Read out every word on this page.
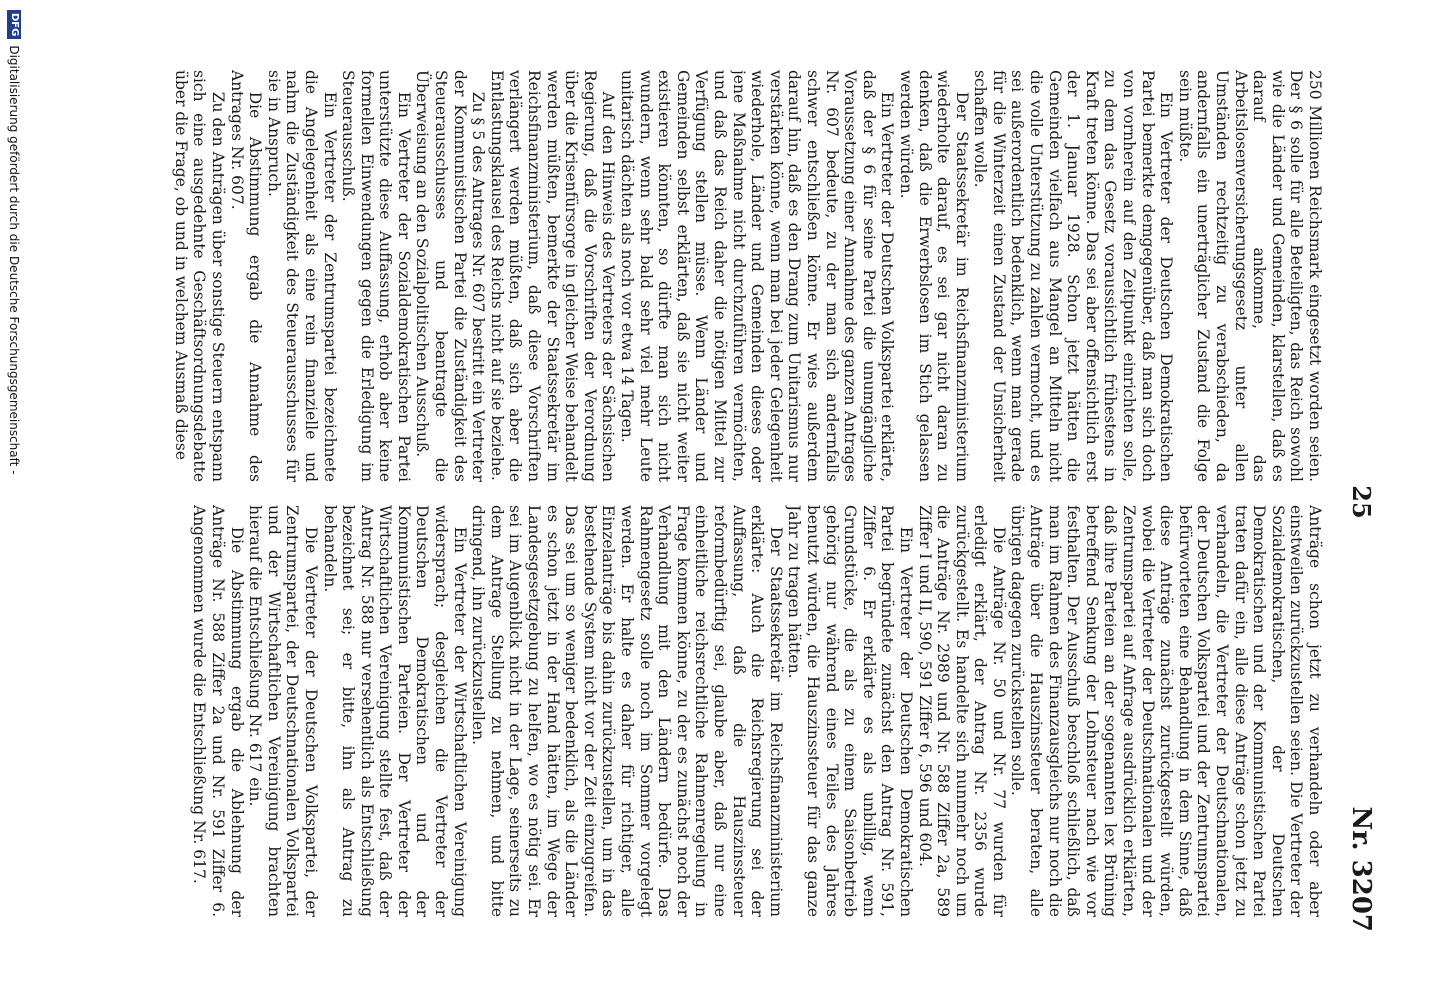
25
Nr. 3207

250 Millionen Reichsmark eingesetzt worden seien. Der § 6 solle für alle Beteiligten, das Reich sowohl wie die Länder und Gemeinden, klarstellen, daß es darauf ankomme, das Arbeitslosenversicherungsgesetz unter allen Umständen rechtzeitig zu verabschieden, da andernfalls ein unerträglicher Zustand die Folge sein müßte.

Ein Vertreter der Deutschen Demokratischen Partei bemerkte demgegenüber, daß man sich doch von vornherein auf den Zeitpunkt einrichten solle, zu dem das Gesetz voraussichtlich frühestens in Kraft treten könne. Das sei aber offensichtlich erst der 1. Januar 1928. Schon jetzt hätten die Gemeinden vielfach aus Mangel an Mitteln nicht die volle Unterstützung zu zahlen vermocht, und es sei außerordentlich bedenklich, wenn man gerade für die Winterzeit einen Zustand der Unsicherheit schaffen wolle.

Der Staatssekretär im Reichsfinanzministerium wiederholte darauf, es sei gar nicht daran zu denken, daß die Erwerbslosen im Stich gelassen werden würden.

Ein Vertreter der Deutschen Volkspartei erklärte, daß der § 6 für seine Partei die unumgängliche Voraussetzung einer Annahme des ganzen Antrages Nr. 607 bedeute, zu der man sich andernfalls schwer entschließen könne. Er wies außerdem darauf hin, daß es den Drang zum Unitarismus nur verstärken könne, wenn man bei jeder Gelegenheit wiederhole, Länder und Gemeinden dieses oder jene Maßnahme nicht durchzuführen vermöchten, und daß das Reich daher die nötigen Mittel zur Verfügung stellen müsse. Wenn Länder und Gemeinden selbst erklärten, daß sie nicht weiter existieren könnten, so dürfte man sich nicht wundern, wenn sehr bald sehr viel mehr Leute unitarisch dächten als noch vor etwa 14 Tagen.

Auf den Hinweis des Vertreters der Sächsischen Regierung, daß die Vorschriften der Verordnung über die Krisenfürsorge in gleicher Weise behandelt werden müßten, bemerkte der Staatssekretär im Reichsfinanzministerium, daß diese Vorschriften verlängert werden müßten, daß sich aber die Entlastungsklausel des Reichs nicht auf sie beziehe.

Zu § 5 des Antrages Nr. 607 bestritt ein Vertreter der Kommunistischen Partei die Zuständigkeit des Steuerausschusses und beantragte die Überweisung an den Sozialpolitischen Ausschuß.

Ein Vertreter der Sozialdemokratischen Partei unterstützte diese Auffassung, erhob aber keine formellen Einwendungen gegen die Erledigung im Steuerausschuß.

Ein Vertreter der Zentrumspartei bezeichnete die Angelegenheit als eine rein finanzielle und nahm die Zuständigkeit des Steuerausschusses für sie in Anspruch.

Die Abstimmung ergab die Annahme des Antrages Nr. 607.

Zu den Anträgen über sonstige Steuern entspann sich eine ausgedehnte Geschäftsordnungsdebatte über die Frage, ob und in welchem Ausmaß diese

Anträge schon jetzt zu verhandeln oder aber einstweilen zurückzustellen seien. Die Vertreter der Sozialdemokratischen, der Deutschen Demokratischen und der Kommunistischen Partei traten dafür ein, alle diese Anträge schon jetzt zu verhandeln, die Vertreter der Deutschnationalen, der Deutschen Volkspartei und der Zentrumspartei befürworteten eine Behandlung in dem Sinne, daß diese Anträge zunächst zurückgestellt würden, wobei die Vertreter der Deutschnationalen und der Zentrumspartei auf Anfrage ausdrücklich erklärten, daß ihre Parteien an der sogenannten lex Brüning betreffend Senkung der Lohnsteuer nach wie vor festhalten. Der Ausschuß beschloß schließlich, daß man im Rahmen des Finanzausgleichs nur noch die Anträge über die Hauszinssteuer beraten, alle übrigen dagegen zurückstellen solle.

Die Anträge Nr. 50 und Nr. 77 wurden für erledigt erklärt, der Antrag Nr. 2356 wurde zurückgestellt. Es handelte sich nunmehr noch um die Anträge Nr. 2989 und Nr. 588 Ziffer 2a, 589 Ziffer I und II, 590, 591 Ziffer 6, 596 und 604.

Ein Vertreter der Deutschen Demokratischen Partei begründete zunächst den Antrag Nr. 591, Ziffer 6. Er erklärte es als unbillig, wenn Grundstücke, die als zu einem Saisonbetrieb gehörig nur während eines Teiles des Jahres benutzt würden, die Hauszinssteuer für das ganze Jahr zu tragen hätten.

Der Staatssekretär im Reichsfinanzministerium erklärte: Auch die Reichsregierung sei der Auffassung, daß die Hauszinssteuer reformbedürftig sei, glaube aber, daß nur eine einheitliche reichsrechtliche Rahmenregelung in Frage kommen könne, zu der es zunächst noch der Verhandlung mit den Ländern bedürfe. Das Rahmengesetz solle noch im Sommer vorgelegt werden. Er halte es daher für richtiger, alle Einzelanträge bis dahin zurückzustellen, um in das bestehende System nicht vor der Zeit einzugreifen. Das sei um so weniger bedenklich, als die Länder es schon jetzt in der Hand hätten, im Wege der Landesgesetzgebung zu helfen, wo es nötig sei. Er sei im Augenblick nicht in der Lage, seinerseits zu dem Antrage Stellung zu nehmen, und bitte dringend, ihn zurückzustellen.

Ein Vertreter der Wirtschaftlichen Vereinigung widersprach; desgleichen die Vertreter der Deutschen Demokratischen und der Kommunistischen Parteien. Der Vertreter der Wirtschaftlichen Vereinigung stellte fest, daß der Antrag Nr. 588 nur versehentlich als Entschließung bezeichnet sei; er bitte, ihn als Antrag zu behandeln.

Die Vertreter der Deutschen Volkspartei, der Zentrumspartei, der Deutschnationalen Volkspartei und der Wirtschaftlichen Vereinigung brachten hierauf die Entschließung Nr. 617 ein.

Die Abstimmung ergab die Ablehnung der Anträge Nr. 588 Ziffer 2a und Nr. 591 Ziffer 6. Angenommen wurde die Entschließung Nr. 617.

DFG
Digitalisierung gefördert durch die Deutsche Forschungsgemeinschaft -
